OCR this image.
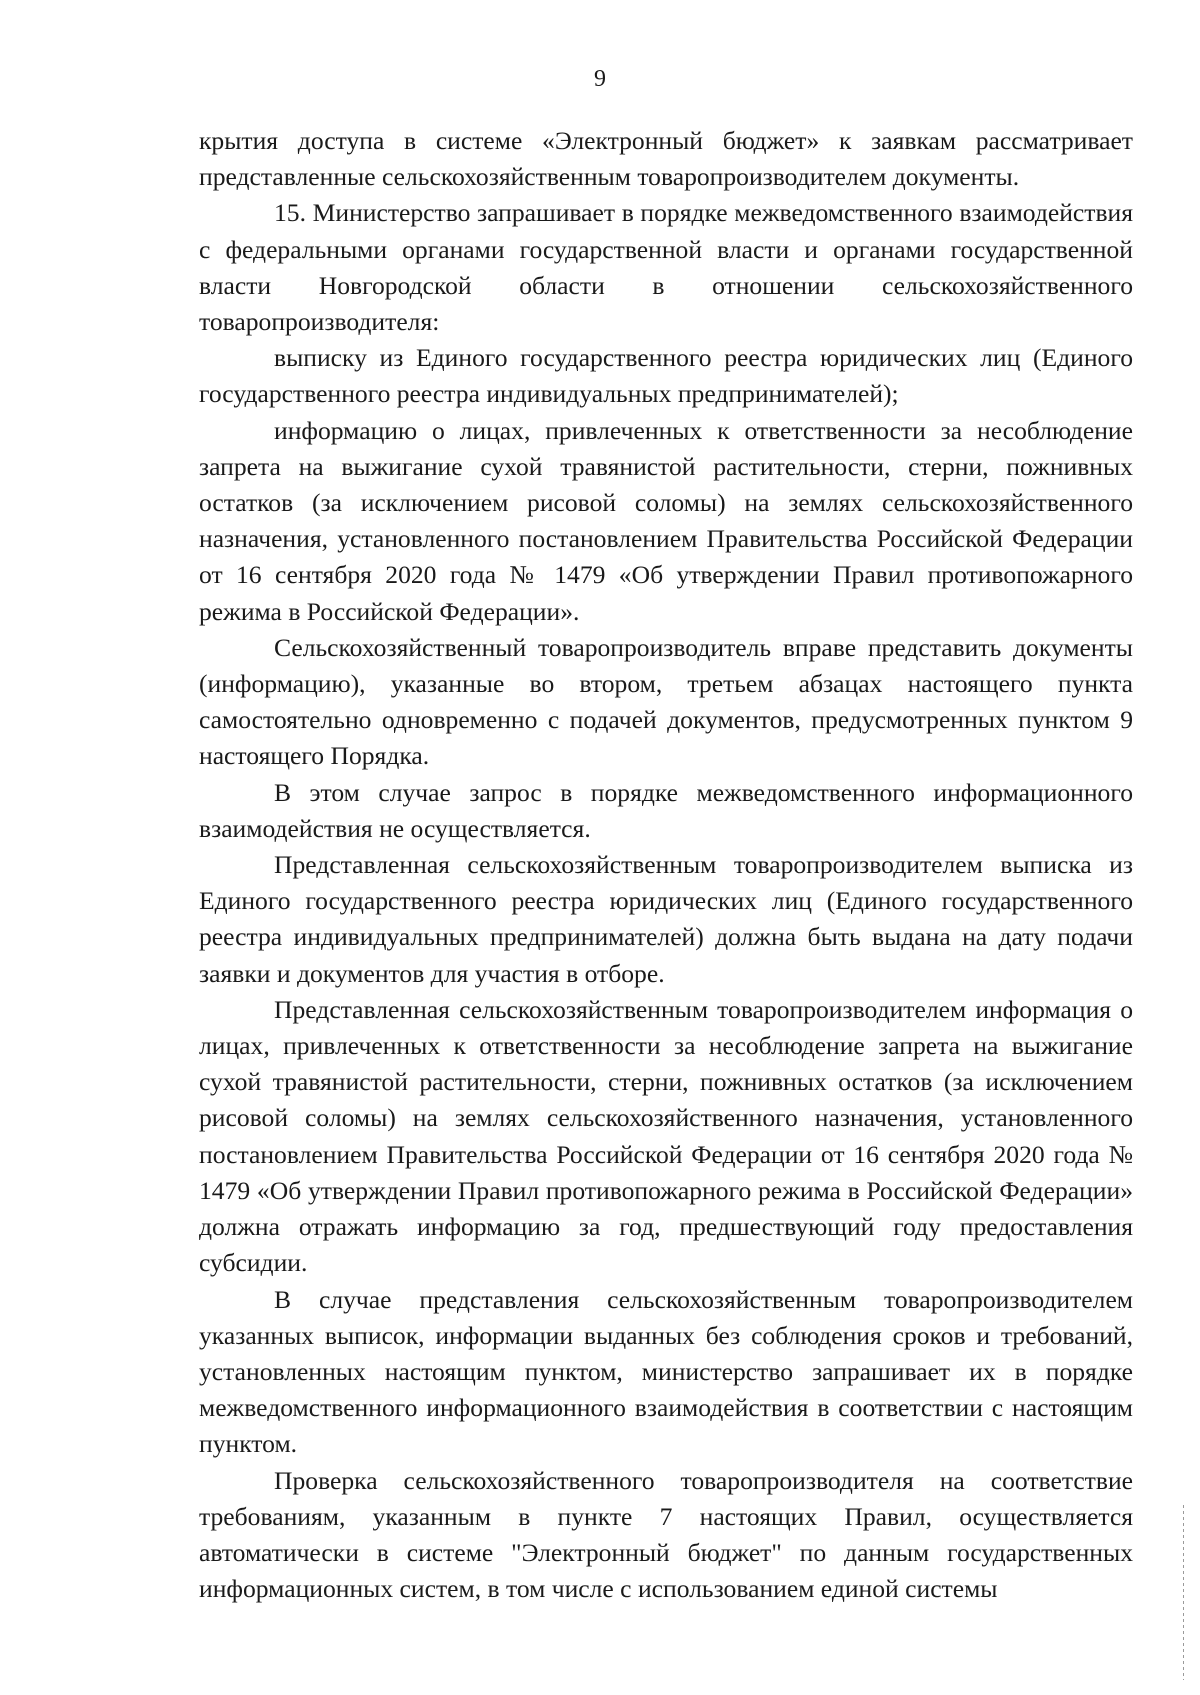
9

крытия доступа в системе «Электронный бюджет» к заявкам рассматривает представленные сельскохозяйственным товаропроизводителем документы.

15. Министерство запрашивает в порядке межведомственного взаимодействия с федеральными органами государственной власти и органами государственной власти Новгородской области в отношении сельскохозяйственного товаропроизводителя:

выписку из Единого государственного реестра юридических лиц (Единого государственного реестра индивидуальных предпринимателей);

информацию о лицах, привлеченных к ответственности за несоблюдение запрета на выжигание сухой травянистой растительности, стерни, пожнивных остатков (за исключением рисовой соломы) на землях сельскохозяйственного назначения, установленного постановлением Правительства Российской Федерации от 16 сентября 2020 года № 1479 «Об утверждении Правил противопожарного режима в Российской Федерации».

Сельскохозяйственный товаропроизводитель вправе представить документы (информацию), указанные во втором, третьем абзацах настоящего пункта самостоятельно одновременно с подачей документов, предусмотренных пунктом 9 настоящего Порядка.

В этом случае запрос в порядке межведомственного информационного взаимодействия не осуществляется.

Представленная сельскохозяйственным товаропроизводителем выписка из Единого государственного реестра юридических лиц (Единого государственного реестра индивидуальных предпринимателей) должна быть выдана на дату подачи заявки и документов для участия в отборе.

Представленная сельскохозяйственным товаропроизводителем информация о лицах, привлеченных к ответственности за несоблюдение запрета на выжигание сухой травянистой растительности, стерни, пожнивных остатков (за исключением рисовой соломы) на землях сельскохозяйственного назначения, установленного постановлением Правительства Российской Федерации от 16 сентября 2020 года № 1479 «Об утверждении Правил противопожарного режима в Российской Федерации» должна отражать информацию за год, предшествующий году предоставления субсидии.

В случае представления сельскохозяйственным товаропроизводителем указанных выписок, информации выданных без соблюдения сроков и требований, установленных настоящим пунктом, министерство запрашивает их в порядке межведомственного информационного взаимодействия в соответствии с настоящим пунктом.

Проверка сельскохозяйственного товаропроизводителя на соответствие требованиям, указанным в пункте 7 настоящих Правил, осуществляется автоматически в системе "Электронный бюджет" по данным государственных информационных систем, в том числе с использованием единой системы
